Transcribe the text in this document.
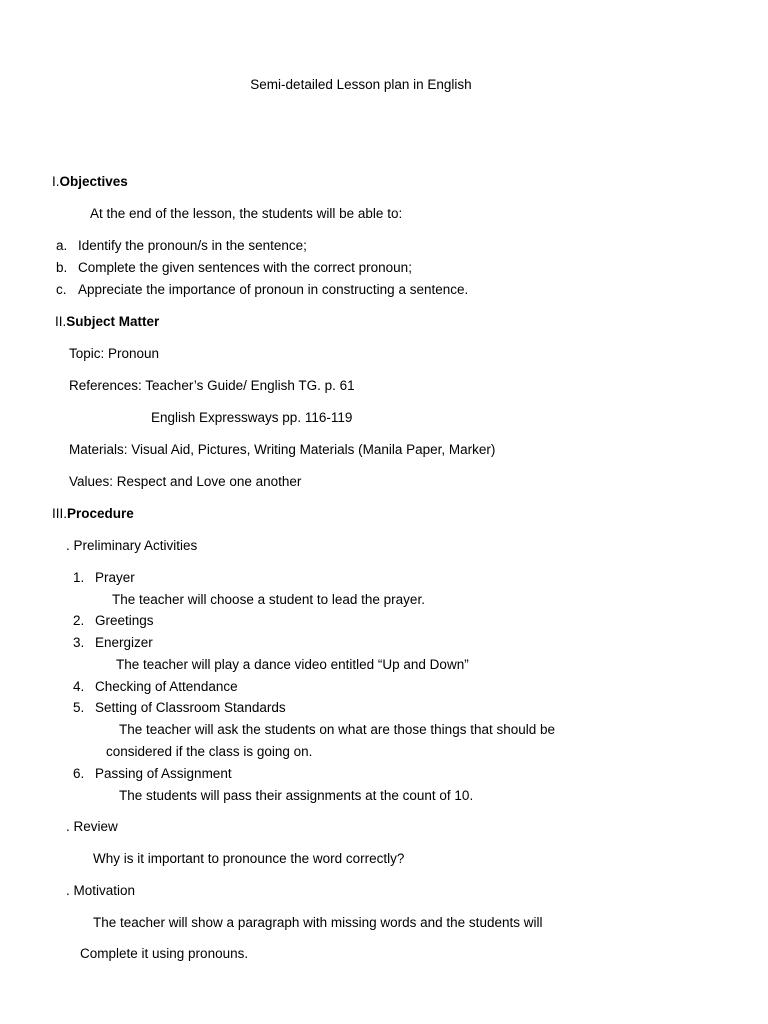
Semi-detailed Lesson plan in English
I.Objectives
At the end of the lesson, the students will be able to:
a. Identify the pronoun/s in the sentence;
b. Complete the given sentences with the correct pronoun;
c. Appreciate the importance of pronoun in constructing a sentence.
II.Subject Matter
Topic: Pronoun
References: Teacher’s Guide/ English TG. p. 61
English Expressways pp. 116-119
Materials: Visual Aid, Pictures, Writing Materials (Manila Paper, Marker)
Values: Respect and Love one another
III.Procedure
. Preliminary Activities
1. Prayer
The teacher will choose a student to lead the prayer.
2. Greetings
3. Energizer
The teacher will play a dance video entitled “Up and Down”
4. Checking of Attendance
5. Setting of Classroom Standards
The teacher will ask the students on what are those things that should be
considered if the class is going on.
6. Passing of Assignment
The students will pass their assignments at the count of 10.
. Review
Why is it important to pronounce the word correctly?
. Motivation
The teacher will show a paragraph with missing words and the students will
Complete it using pronouns.
